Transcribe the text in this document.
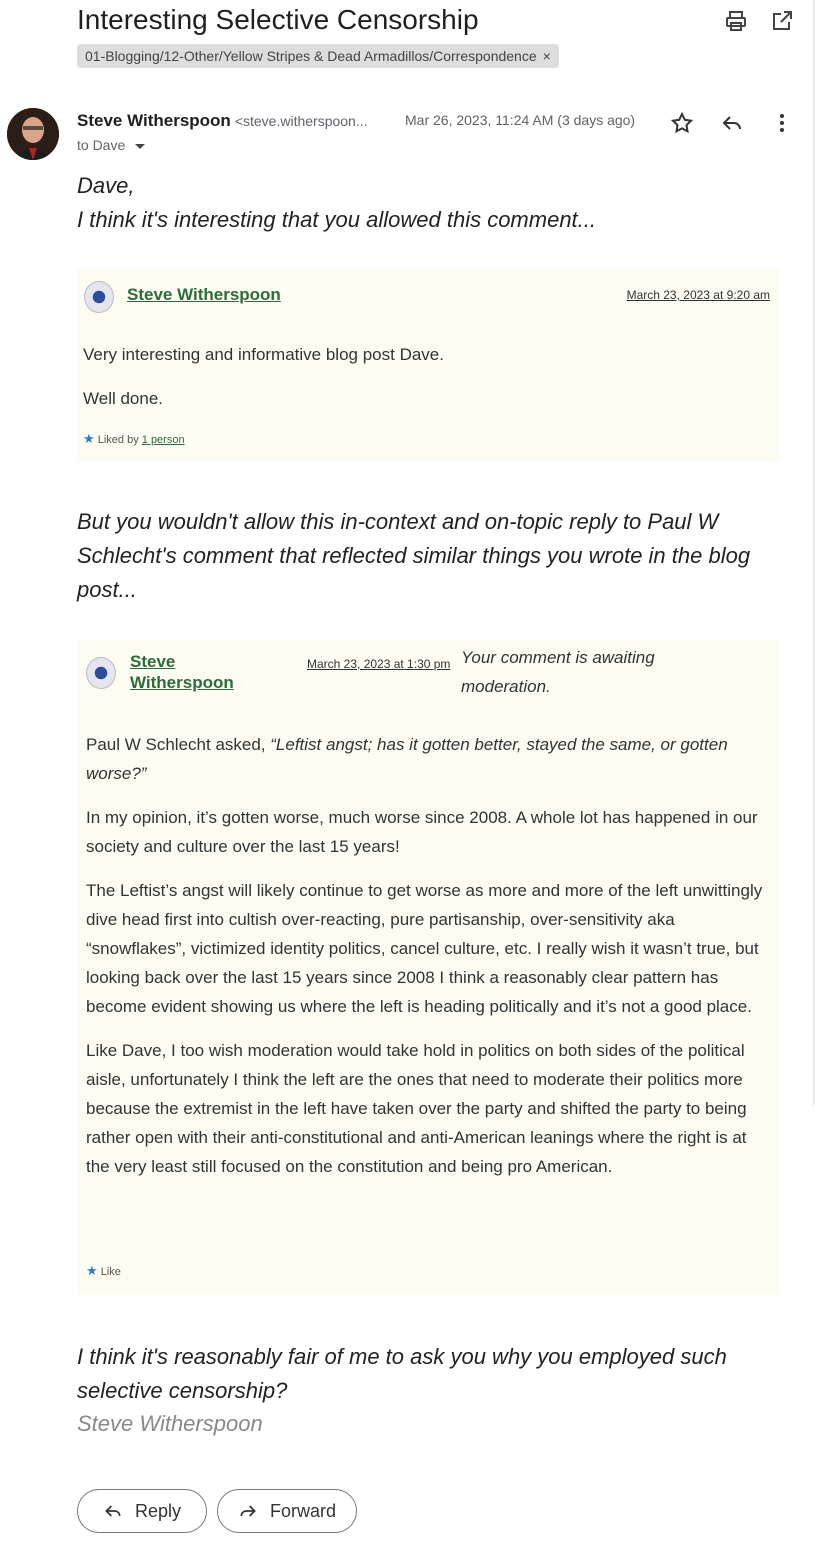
Interesting Selective Censorship
01-Blogging/12-Other/Yellow Stripes & Dead Armadillos/Correspondence ×
Steve Witherspoon <steve.witherspoon...	Mar 26, 2023, 11:24 AM (3 days ago)
to Dave
Dave,
I think it's interesting that you allowed this comment...
Steve Witherspoon	March 23, 2023 at 9:20 am

Very interesting and informative blog post Dave.

Well done.

★ Liked by 1 person
But you wouldn't allow this in-context and on-topic reply to Paul W Schlecht's comment that reflected similar things you wrote in the blog post...
Steve Witherspoon
March 23, 2023 at 1:30 pm Your comment is awaiting moderation.

Paul W Schlecht asked, “Leftist angst; has it gotten better, stayed the same, or gotten worse?”

In my opinion, it’s gotten worse, much worse since 2008. A whole lot has happened in our society and culture over the last 15 years!

The Leftist’s angst will likely continue to get worse as more and more of the left unwittingly dive head first into cultish over-reacting, pure partisanship, over-sensitivity aka “snowflakes”, victimized identity politics, cancel culture, etc. I really wish it wasn’t true, but looking back over the last 15 years since 2008 I think a reasonably clear pattern has become evident showing us where the left is heading politically and it’s not a good place.

Like Dave, I too wish moderation would take hold in politics on both sides of the political aisle, unfortunately I think the left are the ones that need to moderate their politics more because the extremist in the left have taken over the party and shifted the party to being rather open with their anti-constitutional and anti-American leanings where the right is at the very least still focused on the constitution and being pro American.

★ Like
I think it's reasonably fair of me to ask you why you employed such selective censorship?
Steve Witherspoon
Reply	Forward
